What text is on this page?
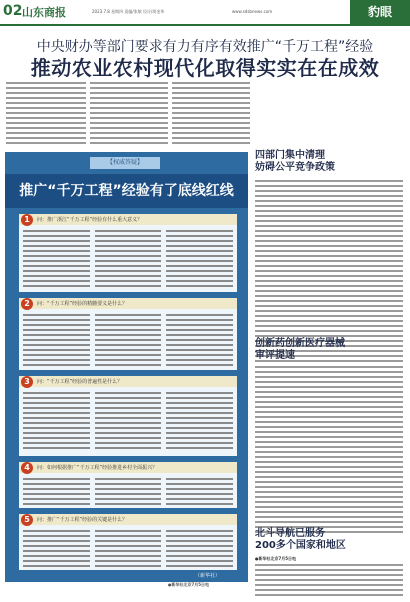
02 山东商报	2023.7.8 星期四 责编/张敏 设计/胡金华	www.sdsbnews.com	豹眼
中央财办等部门要求有力有序有效推广“千万工程”经验
推动农业农村现代化取得实实在在成效
【权威答疑】
推广“千万工程”经验有了底线红线
1	问：推广浙江“千万工程”经验有什么重大意义？
2	问：“千万工程”经验的精髓要义是什么？
3	问：“千万工程”经验的普遍性是什么？
4	问：如何根据推广“千万工程”经验推进乡村全面振兴？
5	问：推广“千万工程”经验的关键是什么？
（新华社）
四部门集中清理
妨碍公平竞争政策
创新药创新医疗器械
审评提速
北斗导航已服务
200多个国家和地区
●新华社北京7月5日电
●新华社北京7月5日电
